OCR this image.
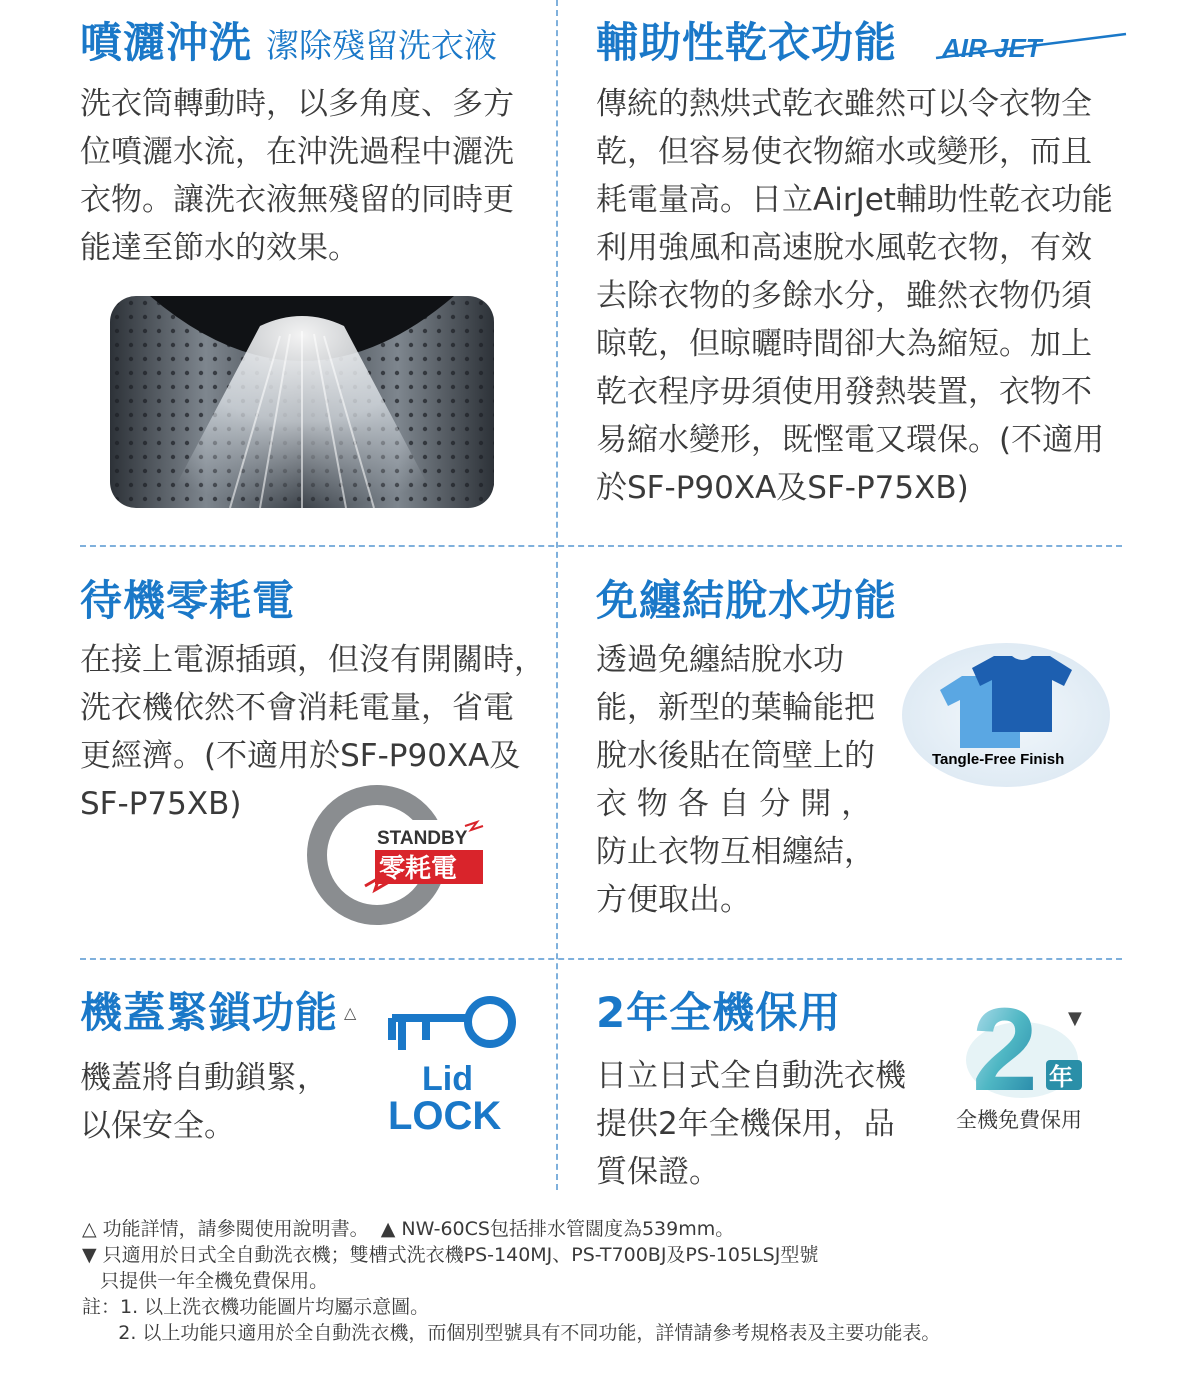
噴灑沖洗 潔除殘留洗衣液

洗衣筒轉動時，以多角度、多方

位噴灑水流，在沖洗過程中灑洗

衣物。讓洗衣液無殘留的同時更

能達至節水的效果。

輔助性乾衣功能 AIR JET

傳統的熱烘式乾衣雖然可以令衣物全

乾，但容易使衣物縮水或變形，而且

耗電量高。日立AirJet輔助性乾衣功能

利用強風和高速脫水風乾衣物，有效

去除衣物的多餘水分，雖然衣物仍須

晾乾，但晾曬時間卻大為縮短。加上

乾衣程序毋須使用發熱裝置，衣物不

易縮水變形，既慳電又環保。(不適用

於SF-P90XA及SF-P75XB)

待機零耗電

在接上電源插頭，但沒有開關時，

洗衣機依然不會消耗電量，省電

更經濟。(不適用於SF-P90XA及

SF-P75XB)

STANDBY
零耗電
免纏結脫水功能

透過免纏結脫水功

能，新型的葉輪能把

脫水後貼在筒壁上的

衣 物 各 自 分 開 ，

防止衣物互相纏結，

方便取出。

Tangle-Free Finish
機蓋緊鎖功能 △

機蓋將自動鎖緊，

以保安全。

Lid
LOCK
2年全機保用	▼

日立日式全自動洗衣機

提供2年全機保用，品

質保證。

2 年
全機免費保用

△ 功能詳情，請參閱使用說明書。  ▲ NW-60CS包括排水管闊度為539mm。

▼ 只適用於日式全自動洗衣機；雙槽式洗衣機PS-140MJ、PS-T700BJ及PS-105LSJ型號

只提供一年全機免費保用。

註：1. 以上洗衣機功能圖片均屬示意圖。

2. 以上功能只適用於全自動洗衣機，而個別型號具有不同功能，詳情請參考規格表及主要功能表。
